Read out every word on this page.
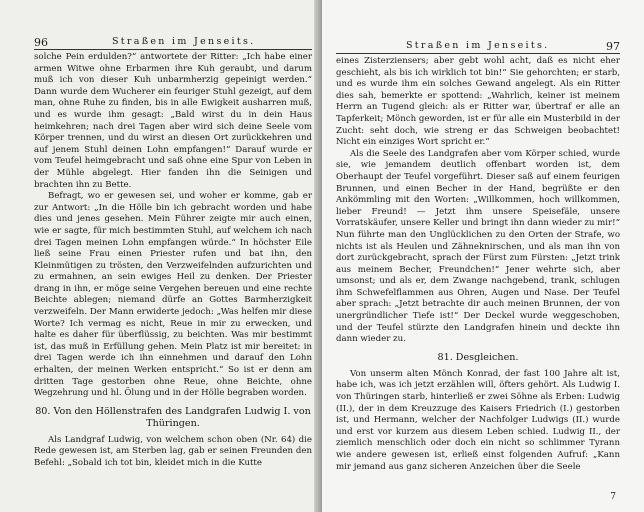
96	Straßen im Jenseits.

solche Pein erdulden?“ antwortete der Ritter: „Ich habe einer armen Witwe ohne Erbarmen ihre Kuh geraubt, und darum muß ich von dieser Kuh unbarmherzig gepeinigt werden.“ Dann wurde dem Wucherer ein feuriger Stuhl gezeigt, auf dem man, ohne Ruhe zu finden, bis in alle Ewigkeit ausharren muß, und es wurde ihm gesagt: „Bald wirst du in dein Haus heimkehren; nach drei Tagen aber wird sich deine Seele vom Körper trennen, und du wirst an diesen Ort zurückkehren und auf jenem Stuhl deinen Lohn empfangen!“ Darauf wurde er vom Teufel heimgebracht und saß ohne eine Spur von Leben in der Mühle abgelegt. Hier fanden ihn die Seinigen und brachten ihn zu Bette.

Befragt, wo er gewesen sei, und woher er komme, gab er zur Antwort: „In die Hölle bin ich gebracht worden und habe dies und jenes gesehen. Mein Führer zeigte mir auch einen, wie er sagte, für mich bestimmten Stuhl, auf welchem ich nach drei Tagen meinen Lohn empfangen würde.“ In höchster Eile ließ seine Frau einen Priester rufen und bat ihn, den Kleinmütigen zu trösten, den Verzweifelnden aufzurichten und zu ermahnen, an sein ewiges Heil zu denken. Der Priester drang in ihn, er möge seine Vergehen bereuen und eine rechte Beichte ablegen; niemand dürfe an Gottes Barmherzigkeit verzweifeln. Der Mann erwiderte jedoch: „Was helfen mir diese Worte? Ich vermag es nicht, Reue in mir zu erwecken, und halte es daher für überflüssig, zu beichten. Was mir bestimmt ist, das muß in Erfüllung gehen. Mein Platz ist mir bereitet: in drei Tagen werde ich ihn einnehmen und darauf den Lohn erhalten, der meinen Werken entspricht.“ So ist er denn am dritten Tage gestorben ohne Reue, ohne Beichte, ohne Wegzehrung und hl. Ölung und in der Hölle begraben worden.

80. Von den Höllenstrafen des Landgrafen Ludwig I. von Thüringen.

Als Landgraf Ludwig, von welchem schon oben (Nr. 64) die Rede gewesen ist, am Sterben lag, gab er seinen Freunden den Befehl: „Sobald ich tot bin, kleidet mich in die Kutte

Straßen im Jenseits.	97

eines Zisterziensers; aber gebt wohl acht, daß es nicht eher geschieht, als bis ich wirklich tot bin!“ Sie gehorchten; er starb, und es wurde ihm ein solches Gewand angelegt. Als ein Ritter dies sah, bemerkte er spottend: „Wahrlich, keiner ist meinem Herrn an Tugend gleich: als er Ritter war, übertraf er alle an Tapferkeit; Mönch geworden, ist er für alle ein Musterbild in der Zucht: seht doch, wie streng er das Schweigen beobachtet! Nicht ein einziges Wort spricht er.“

Als die Seele des Landgrafen aber vom Körper schied, wurde sie, wie jemandem deutlich offenbart worden ist, dem Oberhaupt der Teufel vorgeführt. Dieser saß auf einem feurigen Brunnen, und einen Becher in der Hand, begrüßte er den Ankömmling mit den Worten: „Willkommen, hoch willkommen, lieber Freund! — Jetzt ihm unsere Speisefäle, unsere Vorratskäufer, unsere Keller und bringt ihn dann wieder zu mir!“ Nun führte man den Unglücklichen zu den Orten der Strafe, wo nichts ist als Heulen und Zähneknirschen, und als man ihn von dort zurückgebracht, sprach der Fürst zum Fürsten: „Jetzt trink aus meinem Becher, Freundchen!“ Jener wehrte sich, aber umsonst; und als er, dem Zwange nachgebend, trank, schlugen ihm Schwefelflammen aus Ohren, Augen und Nase. Der Teufel aber sprach: „Jetzt betrachte dir auch meinen Brunnen, der von unergründlicher Tiefe ist!“ Der Deckel wurde weggeschoben, und der Teufel stürzte den Landgrafen hinein und deckte ihn dann wieder zu.

81. Desgleichen.

Von unserm alten Mönch Konrad, der fast 100 Jahre alt ist, habe ich, was ich jetzt erzählen will, öfters gehört. Als Ludwig I. von Thüringen starb, hinterließ er zwei Söhne als Erben: Ludwig (II.), der in dem Kreuzzuge des Kaisers Friedrich (I.) gestorben ist, und Hermann, welcher der Nachfolger Ludwigs (II.) wurde und erst vor kurzem aus diesem Leben schied. Ludwig II., der ziemlich menschlich oder doch ein nicht so schlimmer Tyrann wie andere gewesen ist, erließ einst folgenden Aufruf: „Kann mir jemand aus ganz sicheren Anzeichen über die Seele

7
